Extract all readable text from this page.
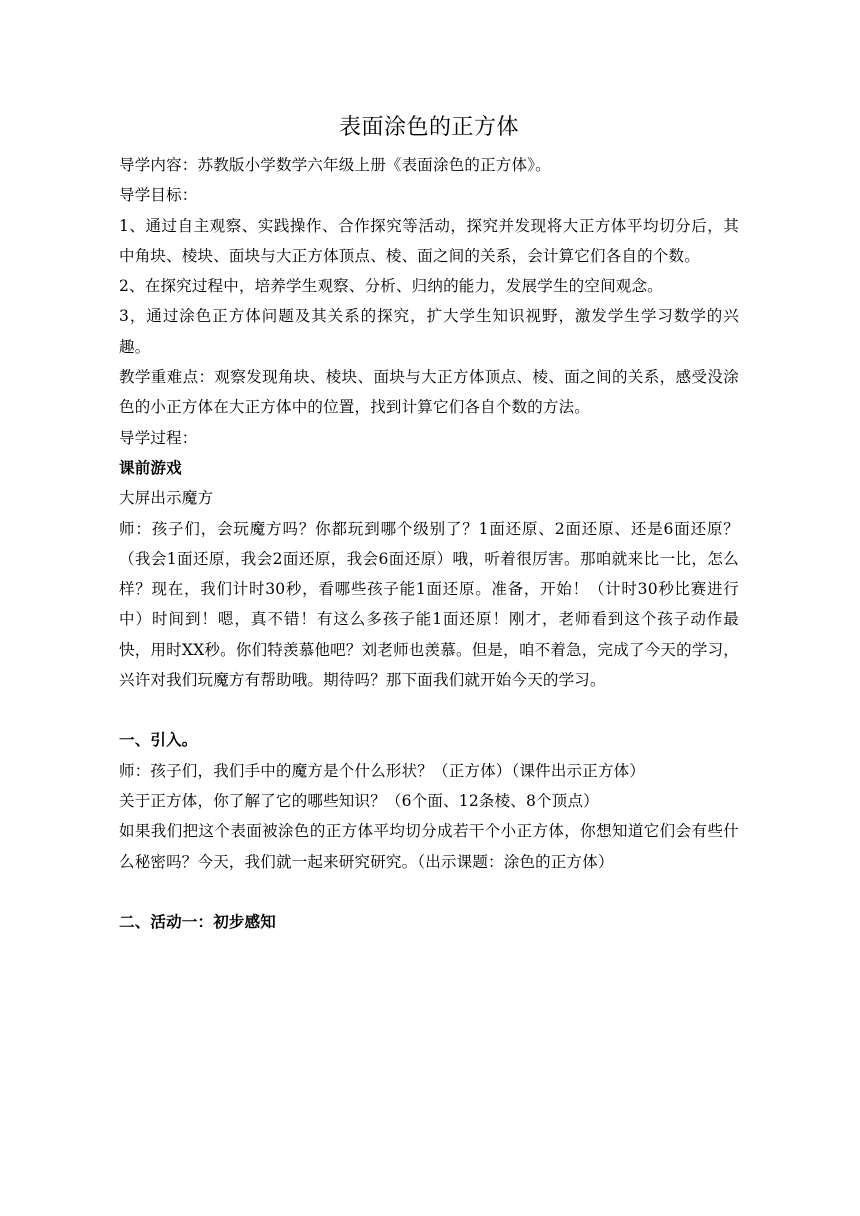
表面涂色的正方体

导学内容：苏教版小学数学六年级上册《表面涂色的正方体》。

导学目标：

1、通过自主观察、实践操作、合作探究等活动，探究并发现将大正方体平均切分后，其中角块、棱块、面块与大正方体顶点、棱、面之间的关系，会计算它们各自的个数。

2、在探究过程中，培养学生观察、分析、归纳的能力，发展学生的空间观念。

3，通过涂色正方体问题及其关系的探究，扩大学生知识视野，激发学生学习数学的兴趣。

教学重难点：观察发现角块、棱块、面块与大正方体顶点、棱、面之间的关系，感受没涂色的小正方体在大正方体中的位置，找到计算它们各自个数的方法。

导学过程：

课前游戏

大屏出示魔方

师：孩子们，会玩魔方吗？你都玩到哪个级别了？1面还原、2面还原、还是6面还原？（我会1面还原，我会2面还原，我会6面还原）哦，听着很厉害。那咱就来比一比，怎么样？现在，我们计时30秒，看哪些孩子能1面还原。准备，开始！（计时30秒比赛进行中）时间到！嗯，真不错！有这么多孩子能1面还原！刚才，老师看到这个孩子动作最快，用时XX秒。你们特羡慕他吧？刘老师也羡慕。但是，咱不着急，完成了今天的学习，兴许对我们玩魔方有帮助哦。期待吗？那下面我们就开始今天的学习。

一、引入。

师：孩子们，我们手中的魔方是个什么形状？（正方体）（课件出示正方体）

关于正方体，你了解了它的哪些知识？（6个面、12条棱、8个顶点）

如果我们把这个表面被涂色的正方体平均切分成若干个小正方体，你想知道它们会有些什么秘密吗？今天，我们就一起来研究研究。（出示课题：涂色的正方体）

二、活动一：初步感知
